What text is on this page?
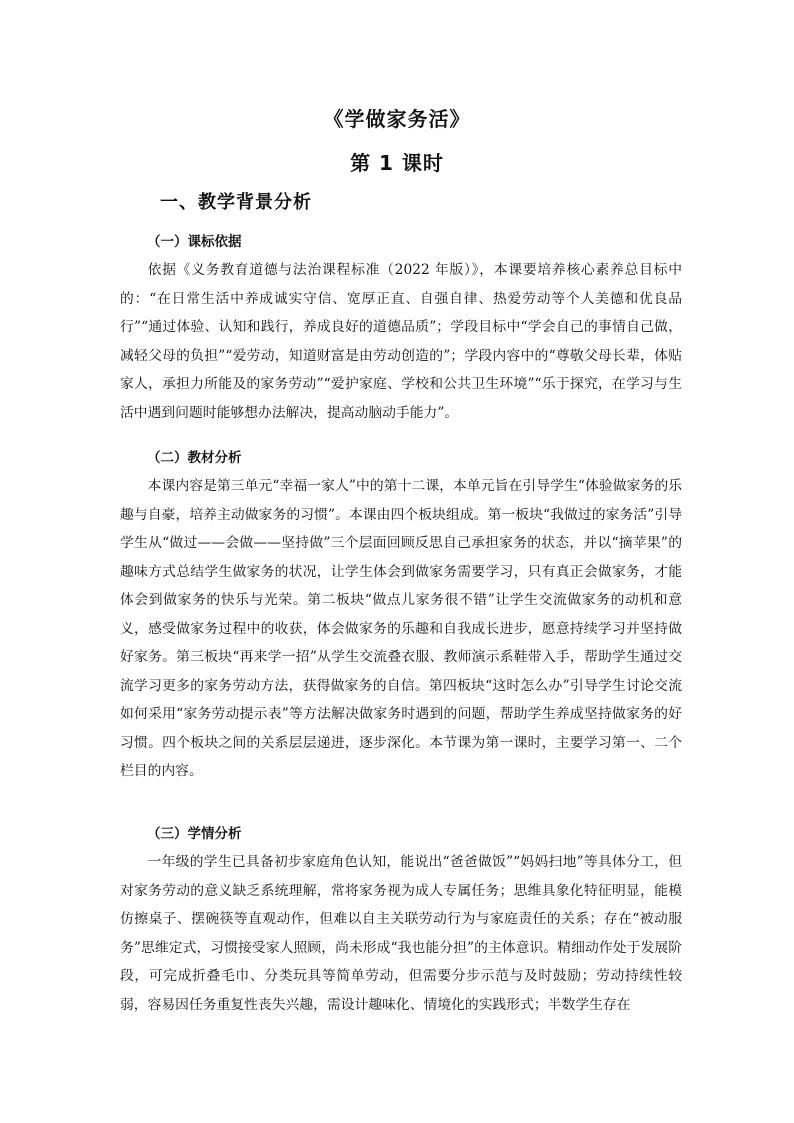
《学做家务活》
第 1 课时
一、教学背景分析
（一）课标依据

依据《义务教育道德与法治课程标准（2022 年版）》，本课要培养核心素养总目标中的：“在日常生活中养成诚实守信、宽厚正直、自强自律、热爱劳动等个人美德和优良品行”“通过体验、认知和践行，养成良好的道德品质”；学段目标中“学会自己的事情自己做，减轻父母的负担”“爱劳动，知道财富是由劳动创造的”；学段内容中的“尊敬父母长辈，体贴家人，承担力所能及的家务劳动”“爱护家庭、学校和公共卫生环境”“乐于探究，在学习与生活中遇到问题时能够想办法解决，提高动脑动手能力”。

（二）教材分析

本课内容是第三单元“幸福一家人”中的第十二课，本单元旨在引导学生“体验做家务的乐趣与自豪，培养主动做家务的习惯”。本课由四个板块组成。第一板块“我做过的家务活”引导学生从“做过——会做——坚持做”三个层面回顾反思自己承担家务的状态，并以“摘苹果”的趣味方式总结学生做家务的状况，让学生体会到做家务需要学习，只有真正会做家务，才能体会到做家务的快乐与光荣。第二板块“做点儿家务很不错”让学生交流做家务的动机和意义，感受做家务过程中的收获，体会做家务的乐趣和自我成长进步，愿意持续学习并坚持做好家务。第三板块“再来学一招”从学生交流叠衣服、教师演示系鞋带入手，帮助学生通过交流学习更多的家务劳动方法，获得做家务的自信。第四板块“这时怎么办”引导学生讨论交流如何采用“家务劳动提示表”等方法解决做家务时遇到的问题，帮助学生养成坚持做家务的好习惯。四个板块之间的关系层层递进，逐步深化。本节课为第一课时，主要学习第一、二个栏目的内容。

（三）学情分析

一年级的学生已具备初步家庭角色认知，能说出“爸爸做饭”“妈妈扫地”等具体分工，但对家务劳动的意义缺乏系统理解，常将家务视为成人专属任务；思维具象化特征明显，能模仿擦桌子、摆碗筷等直观动作，但难以自主关联劳动行为与家庭责任的关系；存在“被动服务”思维定式，习惯接受家人照顾，尚未形成“我也能分担”的主体意识。精细动作处于发展阶段，可完成折叠毛巾、分类玩具等简单劳动，但需要分步示范与及时鼓励；劳动持续性较弱，容易因任务重复性丧失兴趣，需设计趣味化、情境化的实践形式；半数学生存在
